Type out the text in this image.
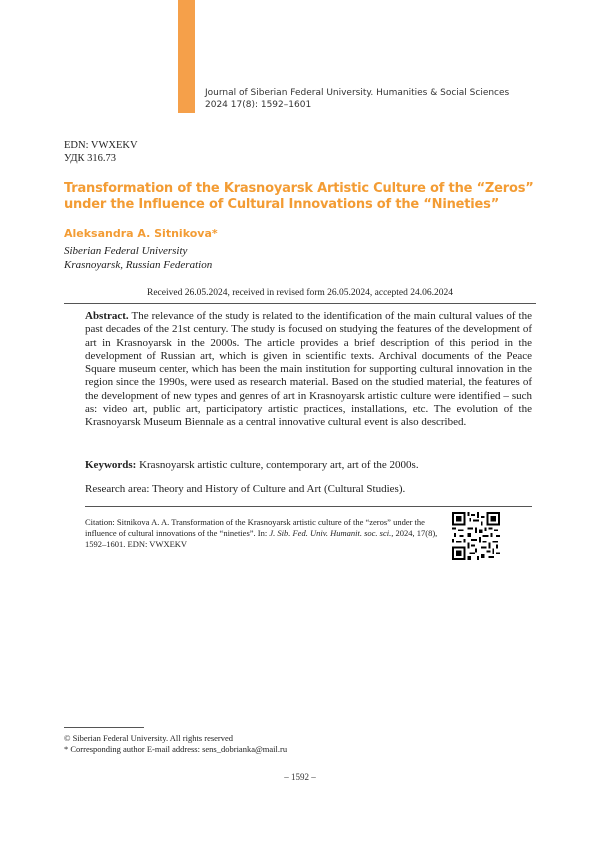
Journal of Siberian Federal University. Humanities & Social Sciences
2024 17(8): 1592–1601
EDN: VWXEKV
УДК 316.73
Transformation of the Krasnoyarsk Artistic Culture of the “Zeros” under the Influence of Cultural Innovations of the “Nineties”
Aleksandra A. Sitnikova*
Siberian Federal University
Krasnoyarsk, Russian Federation
Received 26.05.2024, received in revised form 26.05.2024, accepted 24.06.2024
Abstract. The relevance of the study is related to the identification of the main cultural values of the past decades of the 21st century. The study is focused on studying the features of the development of art in Krasnoyarsk in the 2000s. The article provides a brief description of this period in the development of Russian art, which is given in scientific texts. Archival documents of the Peace Square museum center, which has been the main institution for supporting cultural innovation in the region since the 1990s, were used as research material. Based on the studied material, the features of the development of new types and genres of art in Krasnoyarsk artistic culture were identified – such as: video art, public art, participatory artistic practices, installations, etc. The evolution of the Krasnoyarsk Museum Biennale as a central innovative cultural event is also described.
Keywords: Krasnoyarsk artistic culture, contemporary art, art of the 2000s.
Research area: Theory and History of Culture and Art (Cultural Studies).
Citation: Sitnikova A. A. Transformation of the Krasnoyarsk artistic culture of the “zeros” under the influence of cultural innovations of the “nineties”. In: J. Sib. Fed. Univ. Humanit. soc. sci., 2024, 17(8), 1592–1601. EDN: VWXEKV
© Siberian Federal University. All rights reserved
* Corresponding author E-mail address: sens_dobrianka@mail.ru
– 1592 –
